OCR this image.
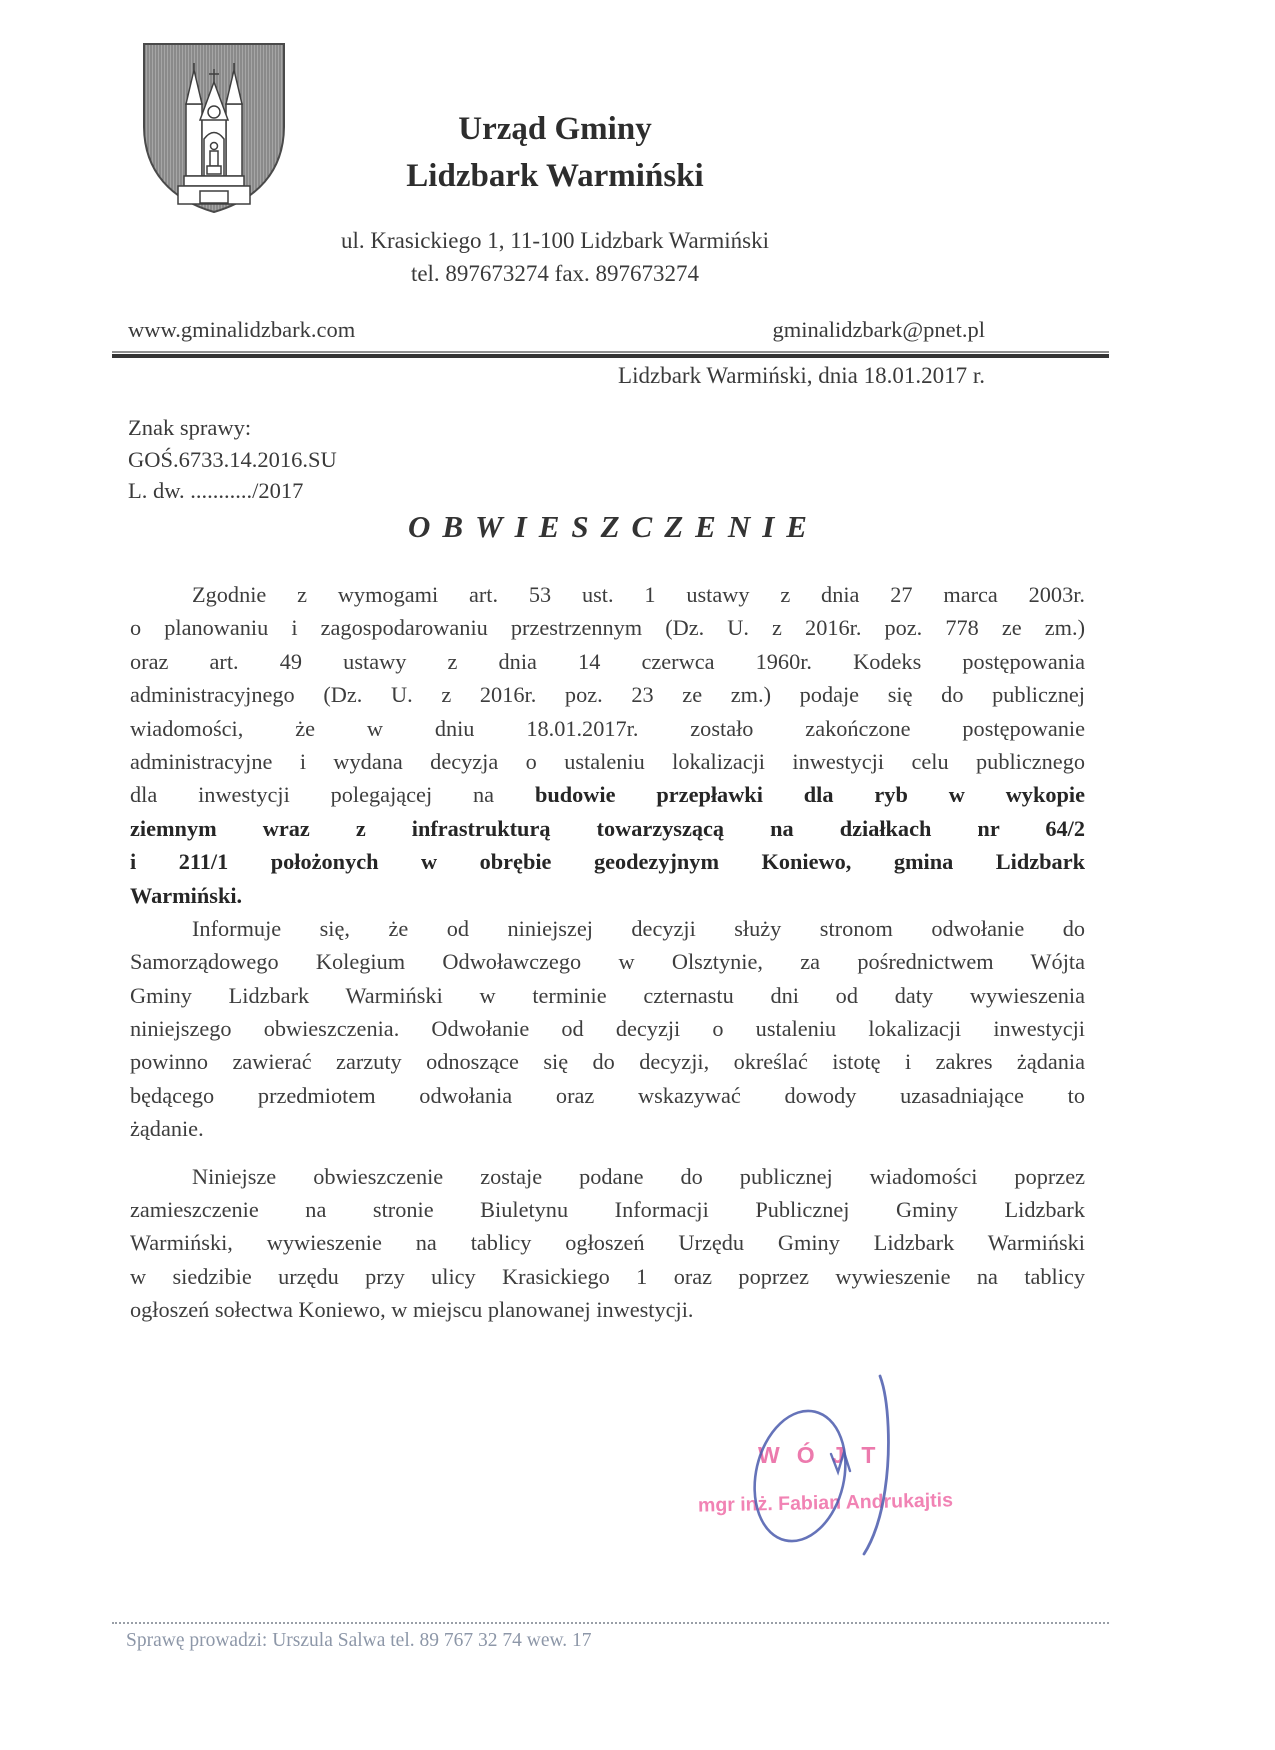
Urząd Gminy
Lidzbark Warmiński
ul. Krasickiego 1, 11-100 Lidzbark Warmiński
tel. 897673274 fax. 897673274
www.gminalidzbark.com	gminalidzbark@pnet.pl
Lidzbark Warmiński, dnia 18.01.2017 r.
Znak sprawy:
GOŚ.6733.14.2016.SU
L. dw. .........../2017
OBWIESZCZENIE
Zgodnie z wymogami art. 53 ust. 1 ustawy z dnia 27 marca 2003r.
o planowaniu i zagospodarowaniu przestrzennym (Dz. U. z 2016r. poz. 778 ze zm.)
oraz art. 49 ustawy z dnia 14 czerwca 1960r. Kodeks postępowania
administracyjnego (Dz. U. z 2016r. poz. 23 ze zm.) podaje się do publicznej
wiadomości, że w dniu 18.01.2017r. zostało zakończone postępowanie
administracyjne i wydana decyzja o ustaleniu lokalizacji inwestycji celu publicznego
dla inwestycji polegającej na budowie przepławki dla ryb w wykopie
ziemnym wraz z infrastrukturą towarzyszącą na działkach nr 64/2
i 211/1 położonych w obrębie geodezyjnym Koniewo, gmina Lidzbark
Warmiński.
Informuje się, że od niniejszej decyzji służy stronom odwołanie do
Samorządowego Kolegium Odwoławczego w Olsztynie, za pośrednictwem Wójta
Gminy Lidzbark Warmiński w terminie czternastu dni od daty wywieszenia
niniejszego obwieszczenia. Odwołanie od decyzji o ustaleniu lokalizacji inwestycji
powinno zawierać zarzuty odnoszące się do decyzji, określać istotę i zakres żądania
będącego przedmiotem odwołania oraz wskazywać dowody uzasadniające to
żądanie.
Niniejsze obwieszczenie zostaje podane do publicznej wiadomości poprzez
zamieszczenie na stronie Biuletynu Informacji Publicznej Gminy Lidzbark
Warmiński, wywieszenie na tablicy ogłoszeń Urzędu Gminy Lidzbark Warmiński
w siedzibie urzędu przy ulicy Krasickiego 1 oraz poprzez wywieszenie na tablicy
ogłoszeń sołectwa Koniewo, w miejscu planowanej inwestycji.
WÓJT
mgr inż. Fabian Andrukajtis
Sprawę prowadzi: Urszula Salwa tel. 89 767 32 74 wew. 17
